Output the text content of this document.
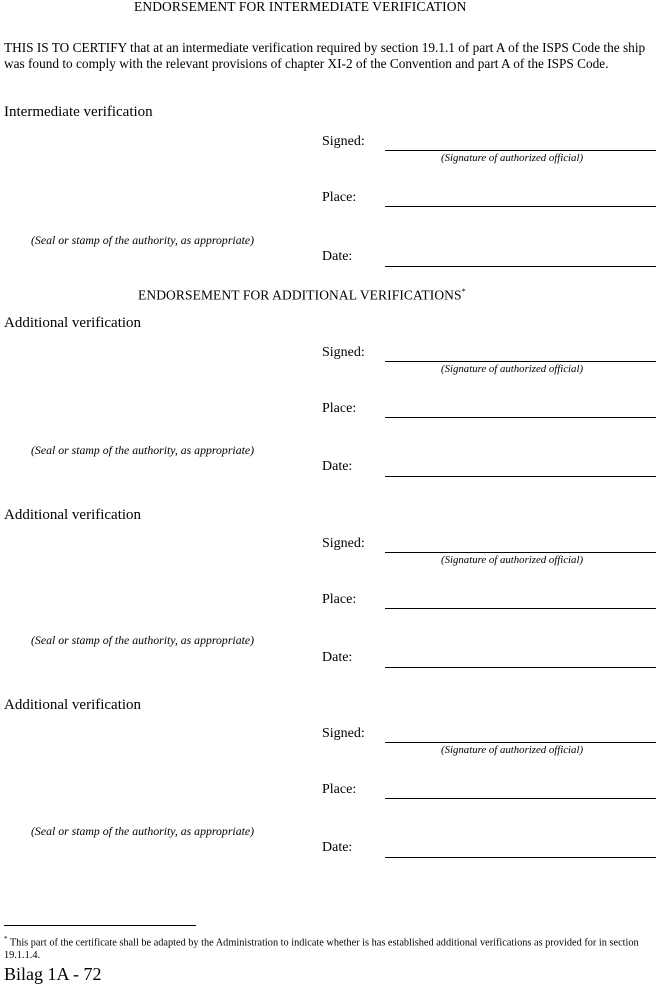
ENDORSEMENT FOR INTERMEDIATE VERIFICATION
THIS IS TO CERTIFY that at an intermediate verification required by section 19.1.1 of part A of the ISPS Code the ship was found to comply with the relevant provisions of chapter XI-2 of the Convention and part A of the ISPS Code.
Intermediate verification
Signed:
(Signature of authorized official)
Place:
(Seal or stamp of the authority, as appropriate)
Date:
ENDORSEMENT FOR ADDITIONAL VERIFICATIONS*
Additional verification
Signed:
(Signature of authorized official)
Place:
(Seal or stamp of the authority, as appropriate)
Date:
Additional verification
Signed:
(Signature of authorized official)
Place:
(Seal or stamp of the authority, as appropriate)
Date:
Additional verification
Signed:
(Signature of authorized official)
Place:
(Seal or stamp of the authority, as appropriate)
Date:
* This part of the certificate shall be adapted by the Administration to indicate whether is has established additional verifications as provided for in section 19.1.1.4.
Bilag 1A - 72
